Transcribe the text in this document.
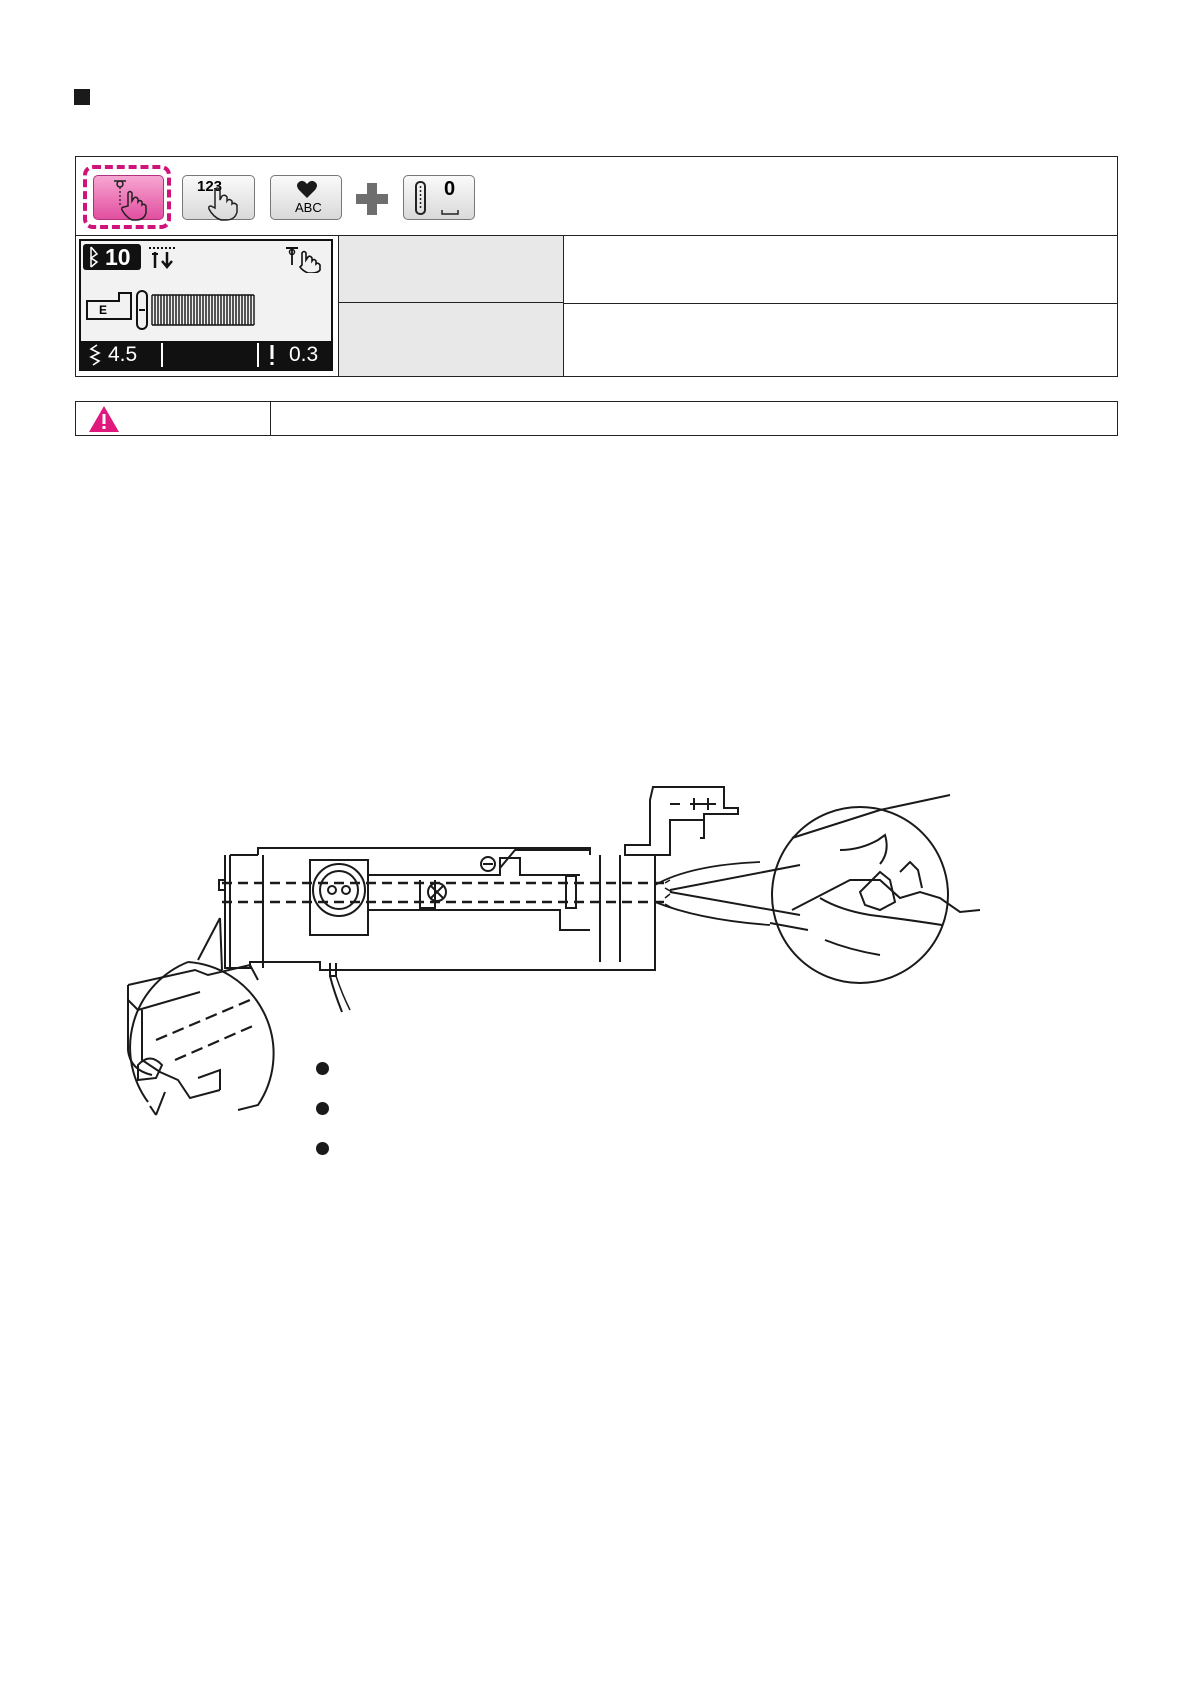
123
ABC
0
10
E
4.5	0.3
